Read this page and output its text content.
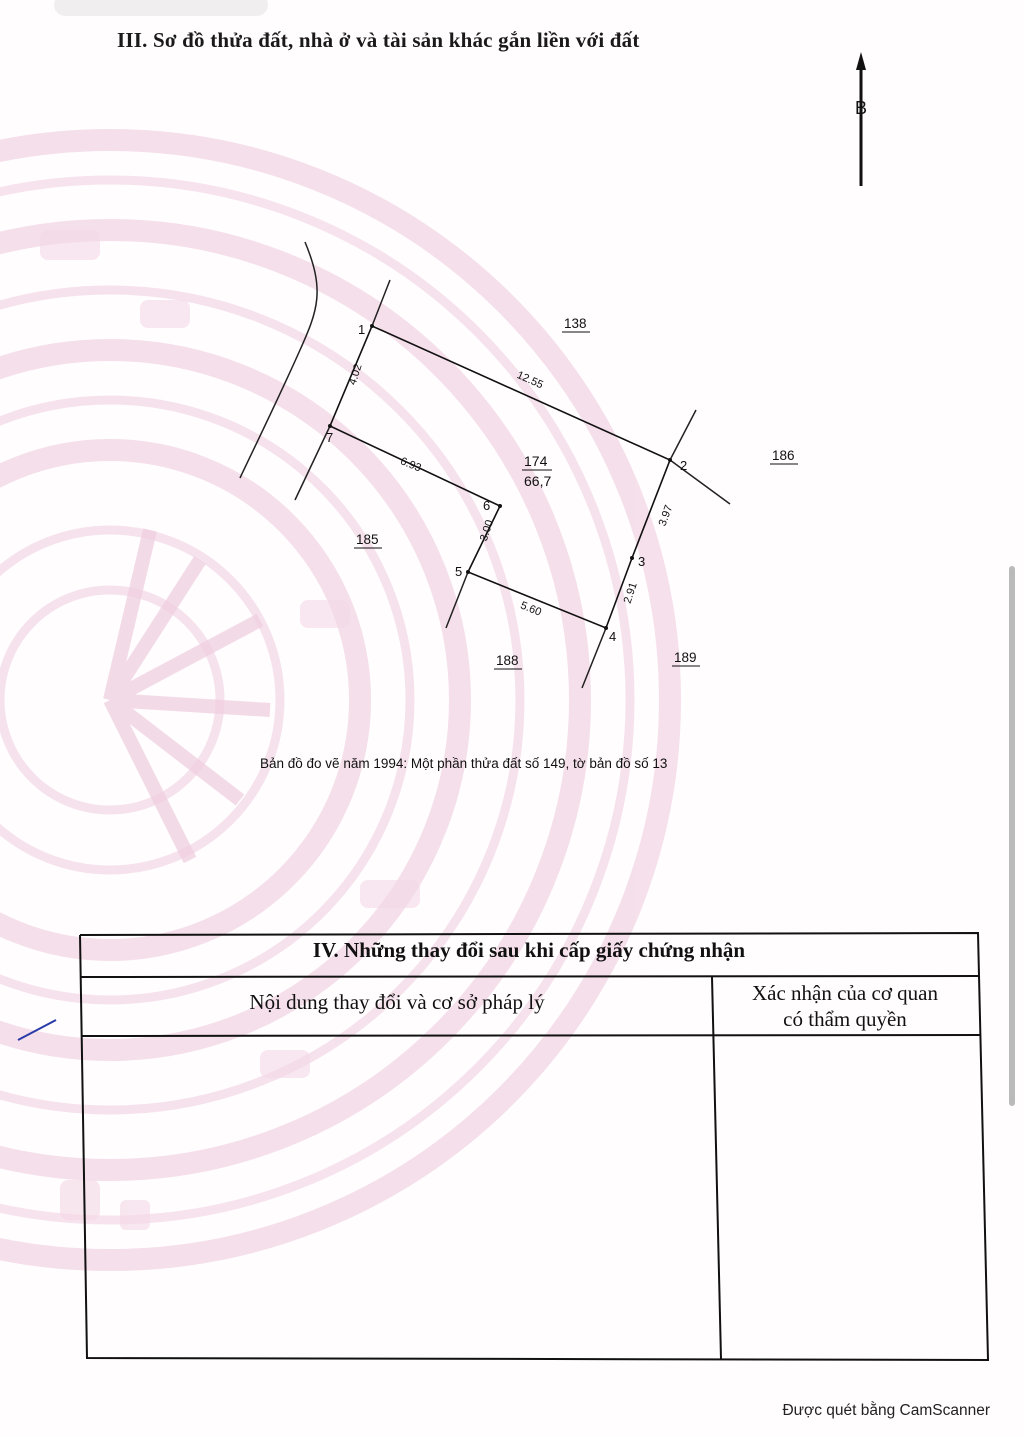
III. Sơ đồ thửa đất, nhà ở và tài sản khác gắn liền với đất
B
1
2
3
4
5
6
7
12.55
3.97
2.91
5.60
3.00
6.93
4.02
174
66,7
138
186
185
188	189
Bản đồ đo vẽ năm 1994: Một phần thửa đất số 149, tờ bản đồ số 13
IV. Những thay đổi sau khi cấp giấy chứng nhận
Nội dung thay đổi và cơ sở pháp lý	Xác nhận của cơ quan
có thẩm quyền
Được quét bằng CamScanner
